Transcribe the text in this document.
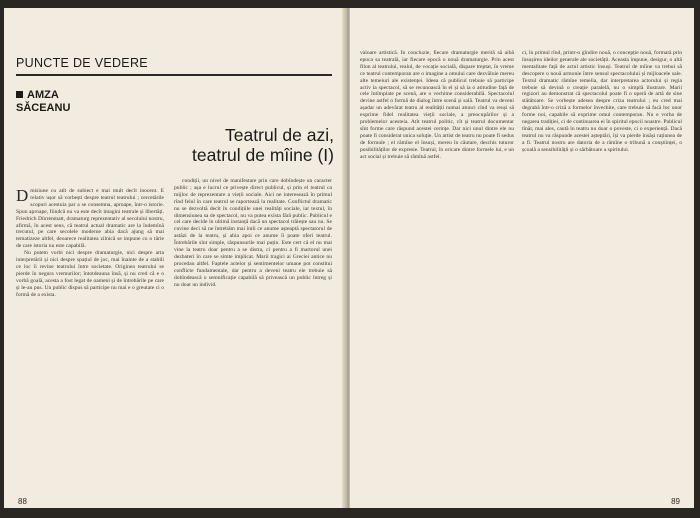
PUNCTE DE VEDERE
AMZA
SĂCEANU
Teatrul de azi,
teatrul de mîine (I)

Dmisiune cu atît de subiect e mai mult decît inocent. E relativ ușor să vorbești despre teatrul teatrului ; cercetările scopuri acestuia par a se consemna, aproape, într-o istorie. Spun aproape, fiindcă nu va este decît imagini teatrale și libertăți. Friedrich Dürrenmatt, dramaturg reprezentativ al secolului nostru, afirmă, în acest sens, că teatrul actual dramatic are la îndemînă trecutul, pe care secolele moderne abia dacă ajung să mai tematizeze altfel, deoarece realitatea zilnică se impune cu o tărie de care istoria nu este capabilă.

Nu putem vorbi nici despre dramaturgie, nici despre arta interpretării și nici despre spațiul de joc, mai înainte de a stabili ce loc îi revine teatrului între societate. Originea teatrului se pierde în negura vremurilor; întotdeauna însă, și nu cred că e o vorbă goală, acesta a fost legat de oameni și de întrebările pe care și le-au pus. Un public dispus să participe nu mai e o greutate ci o formă de a exista.

condiții, un nivel de manifestare prin care dobîndește un caracter public ; așa e lucrul ce privește direct publicul, și prin el teatrul ca mijloc de reprezentare a vieții sociale. Aici ne interesează în primul rînd felul în care teatrul se raportează la realitate. Conflictul dramatic nu se dezvoltă decît în condițiile unei realități sociale, iar textul, în dimensiunea sa de spectacol, nu va putea exista fără public. Publicul e cel care decide în ultimă instanță dacă un spectacol trăiește sau nu. Se cuvine deci să ne întrebăm mai întîi ce anume așteaptă spectatorul de astăzi de la teatru, și abia apoi ce anume îi poate oferi teatrul. Întrebările sînt simple, răspunsurile mai puțin. Este cert că el nu mai vine la teatru doar pentru a se distra, ci pentru a fi martorul unei dezbateri în care se simte implicat. Marii tragici ai Greciei antice nu procedau altfel. Faptele actelor și sentimentelor umane pot constitui conflicte fundamentale, dar pentru a deveni teatru ele trebuie să dobîndească o semnificație capabilă să privească un public întreg și nu doar un individ.

88

valoare artistică. În concluzie, fiecare dramaturgie merită să aibă epoca sa teatrală, iar fiecare epocă o nouă dramaturgie. Prin acest filon al teatrului, realul, de vocație socială, dispare treptat, în vreme ce teatrul contemporan are o imagine a omului care dezvăluie mereu alte temeiuri ale existenței. Ideea că publicul trebuie să participe activ la spectacol, să se recunoască în el și să ia o atitudine față de cele întîmplate pe scenă, are o vechime considerabilă. Spectacolul devine astfel o formă de dialog între scenă și sală. Teatrul va deveni așadar un adevărat teatru al realității numai atunci cînd va reuși să exprime fidel realitatea vieții sociale, a preocupărilor și a problemelor acesteia. Atît teatrul politic, cît și teatrul documentar sînt forme care răspund acestei cerințe. Dar nici unul dintre ele nu poate fi considerat unica soluție. Un artist de teatru nu poate fi sedus de formule ; el rămîne el însuși, mereu în căutare, deschis tuturor posibilităților de expresie. Teatrul, în oricare dintre formele lui, e un act social și trebuie să rămînă astfel.

ci, în primul rînd, printr-o gîndire nouă, o concepție nouă, formată prin însușirea ideilor generale ale societății. Aceasta impune, desigur, o altă mentalitate față de actul artistic însuși. Teatrul de mîine va trebui să descopere o nouă armonie între sensul spectacolului și mijloacele sale. Textul dramatic rămîne temelia, dar interpretarea actorului și regia trebuie să devină o creație paralelă, nu o simplă ilustrare. Marii regizori au demonstrat că spectacolul poate fi o operă de artă de sine stătătoare. Se vorbește adesea despre criza teatrului ; eu cred mai degrabă într-o criză a formelor învechite, care trebuie să facă loc unor forme noi, capabile să exprime omul contemporan. Nu e vorba de negarea tradiției, ci de continuarea ei în spiritul epocii noastre. Publicul tînăr, mai ales, caută în teatru nu doar o poveste, ci o experiență. Dacă teatrul nu va răspunde acestei așteptări, își va pierde însăși rațiunea de a fi. Teatrul nostru are datoria de a rămîne o tribună a conștiinței, o școală a sensibilității și o sărbătoare a spiritului.

89
